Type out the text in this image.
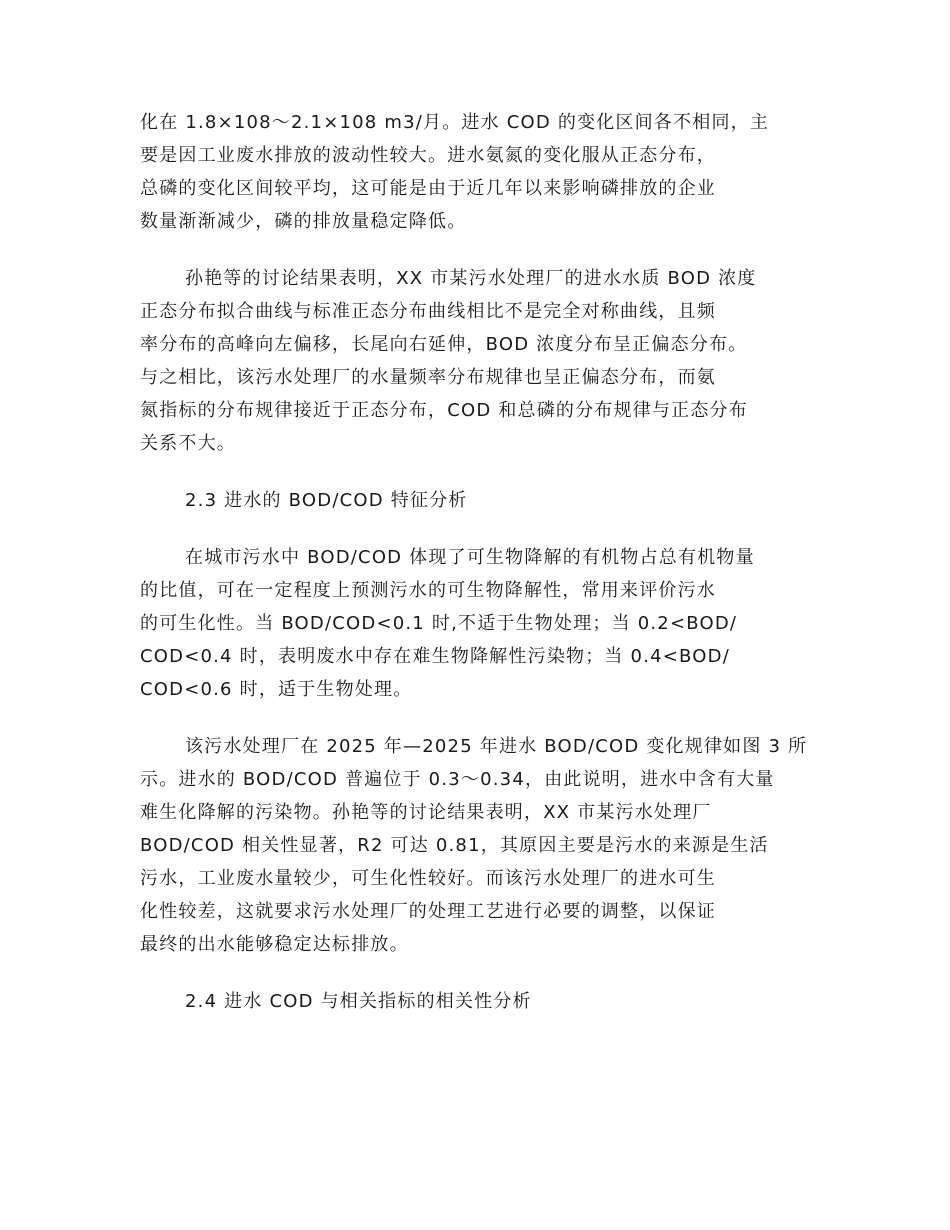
化在 1.8×108～2.1×108 m3/月。进水 COD 的变化区间各不相同，主
要是因工业废水排放的波动性较大。进水氨氮的变化服从正态分布，
总磷的变化区间较平均，这可能是由于近几年以来影响磷排放的企业
数量渐渐减少，磷的排放量稳定降低。
孙艳等的讨论结果表明，XX 市某污水处理厂的进水水质 BOD 浓度
正态分布拟合曲线与标准正态分布曲线相比不是完全对称曲线，且频
率分布的高峰向左偏移，长尾向右延伸，BOD 浓度分布呈正偏态分布。
与之相比，该污水处理厂的水量频率分布规律也呈正偏态分布，而氨
氮指标的分布规律接近于正态分布，COD 和总磷的分布规律与正态分布
关系不大。
2.3 进水的 BOD/COD 特征分析
在城市污水中 BOD/COD 体现了可生物降解的有机物占总有机物量
的比值，可在一定程度上预测污水的可生物降解性，常用来评价污水
的可生化性。当 BOD/COD<0.1 时,不适于生物处理；当 0.2<BOD/
COD<0.4 时，表明废水中存在难生物降解性污染物；当 0.4<BOD/
COD<0.6 时，适于生物处理。
该污水处理厂在 2025 年—2025 年进水 BOD/COD 变化规律如图 3 所
示。进水的 BOD/COD 普遍位于 0.3～0.34，由此说明，进水中含有大量
难生化降解的污染物。孙艳等的讨论结果表明，XX 市某污水处理厂
BOD/COD 相关性显著，R2 可达 0.81，其原因主要是污水的来源是生活
污水，工业废水量较少，可生化性较好。而该污水处理厂的进水可生
化性较差，这就要求污水处理厂的处理工艺进行必要的调整，以保证
最终的出水能够稳定达标排放。
2.4 进水 COD 与相关指标的相关性分析
